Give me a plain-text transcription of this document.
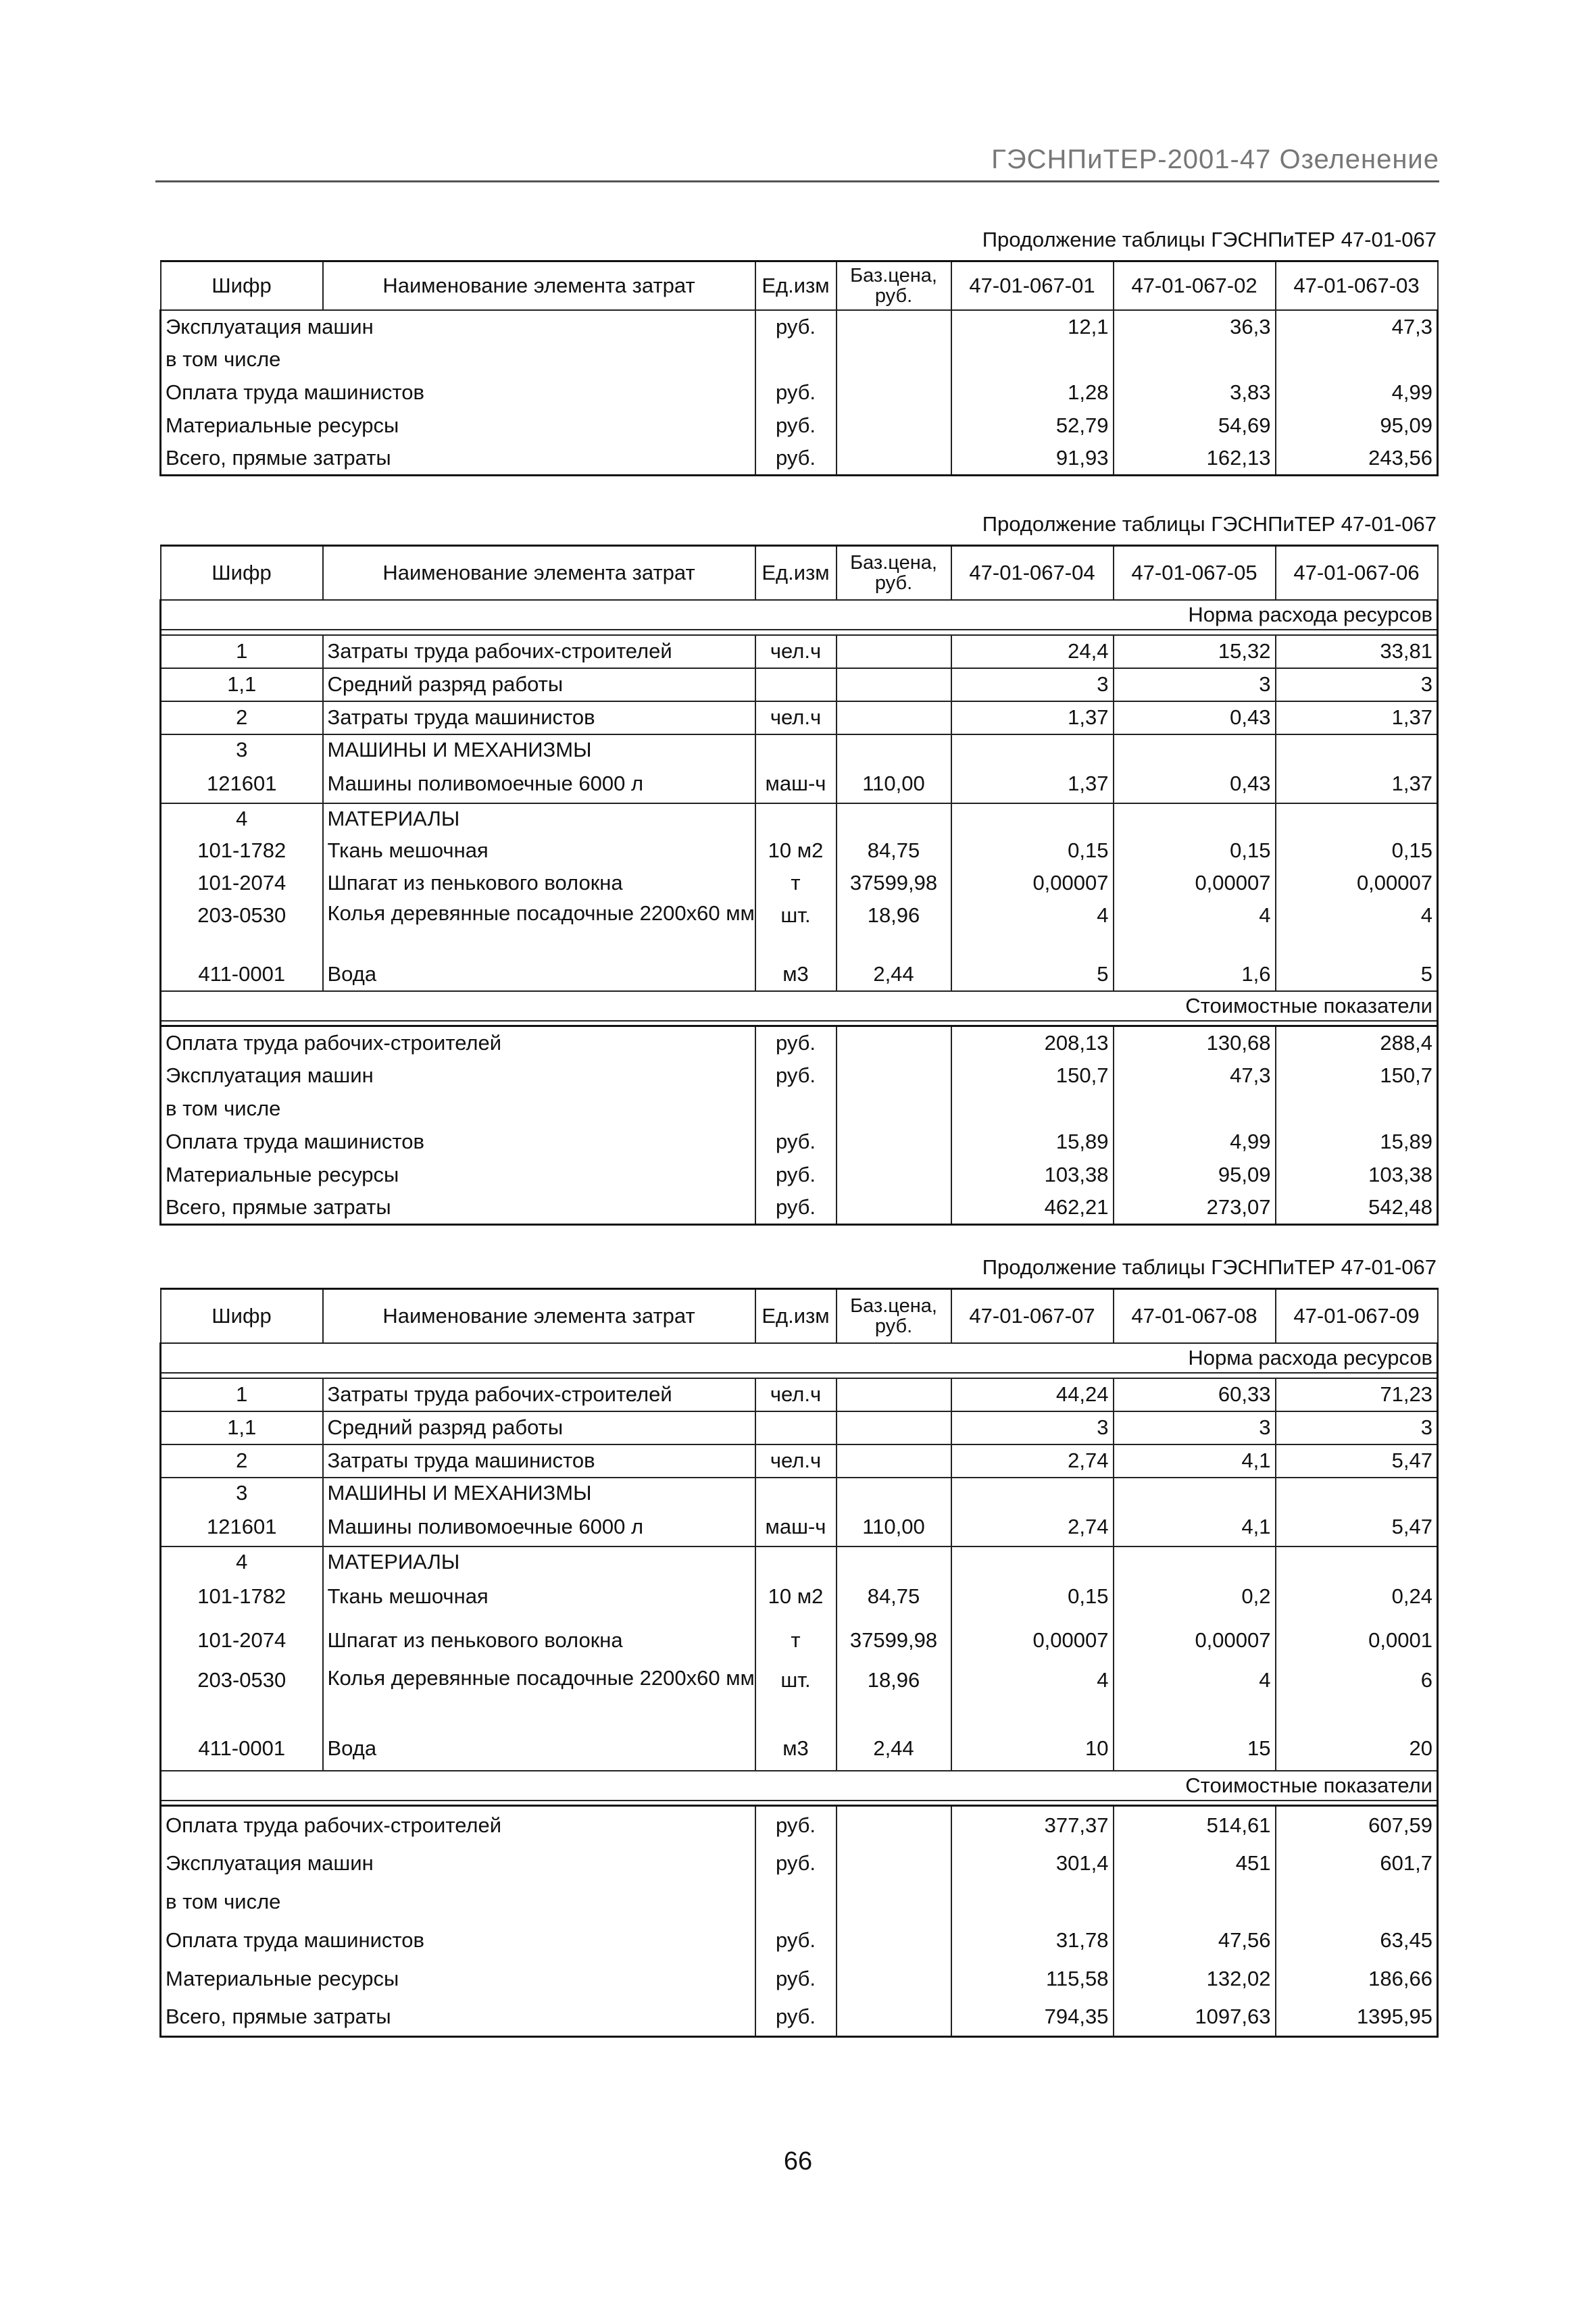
ГЭСНПиТЕР-2001-47 Озеленение
Продолжение таблицы ГЭСНПиТЕР 47-01-067
Шифр	Наименование элемента затрат	Ед.изм	Баз.цена, руб.	47-01-067-01	47-01-067-02	47-01-067-03
Эксплуатация машин		руб.		12,1	36,3	47,3
в том числе						
Оплата труда машинистов		руб.		1,28	3,83	4,99
Материальные ресурсы		руб.		52,79	54,69	95,09
Всего, прямые затраты		руб.		91,93	162,13	243,56
Продолжение таблицы ГЭСНПиТЕР 47-01-067
Шифр	Наименование элемента затрат	Ед.изм	Баз.цена, руб.	47-01-067-04	47-01-067-05	47-01-067-06
Норма расхода ресурсов						

1	Затраты труда рабочих-строителей	чел.ч		24,4	15,32	33,81
1,1	Средний разряд работы			3	3	3
2	Затраты труда машинистов	чел.ч		1,37	0,43	1,37
3	МАШИНЫ И МЕХАНИЗМЫ					
121601	Машины поливомоечные 6000 л	маш-ч	110,00	1,37	0,43	1,37
4	МАТЕРИАЛЫ					
101-1782	Ткань мешочная	10 м2	84,75	0,15	0,15	0,15
101-2074	Шпагат из пенькового волокна	т	37599,98	0,00007	0,00007	0,00007
203-0530	Колья деревянные посадочные 2200х60 мм	шт.	18,96	4	4	4
411-0001	Вода	м3	2,44	5	1,6	5
Стоимостные показатели						

Оплата труда рабочих-строителей		руб.		208,13	130,68	288,4
Эксплуатация машин		руб.		150,7	47,3	150,7
в том числе						
Оплата труда машинистов		руб.		15,89	4,99	15,89
Материальные ресурсы		руб.		103,38	95,09	103,38
Всего, прямые затраты		руб.		462,21	273,07	542,48
Продолжение таблицы ГЭСНПиТЕР 47-01-067
Шифр	Наименование элемента затрат	Ед.изм	Баз.цена, руб.	47-01-067-07	47-01-067-08	47-01-067-09
Норма расхода ресурсов						

1	Затраты труда рабочих-строителей	чел.ч		44,24	60,33	71,23
1,1	Средний разряд работы			3	3	3
2	Затраты труда машинистов	чел.ч		2,74	4,1	5,47
3	МАШИНЫ И МЕХАНИЗМЫ					
121601	Машины поливомоечные 6000 л	маш-ч	110,00	2,74	4,1	5,47
4	МАТЕРИАЛЫ					
101-1782	Ткань мешочная	10 м2	84,75	0,15	0,2	0,24
101-2074	Шпагат из пенькового волокна	т	37599,98	0,00007	0,00007	0,0001
203-0530	Колья деревянные посадочные 2200х60 мм	шт.	18,96	4	4	6
411-0001	Вода	м3	2,44	10	15	20
Стоимостные показатели						

Оплата труда рабочих-строителей		руб.		377,37	514,61	607,59
Эксплуатация машин		руб.		301,4	451	601,7
в том числе						
Оплата труда машинистов		руб.		31,78	47,56	63,45
Материальные ресурсы		руб.		115,58	132,02	186,66
Всего, прямые затраты		руб.		794,35	1097,63	1395,95
66
